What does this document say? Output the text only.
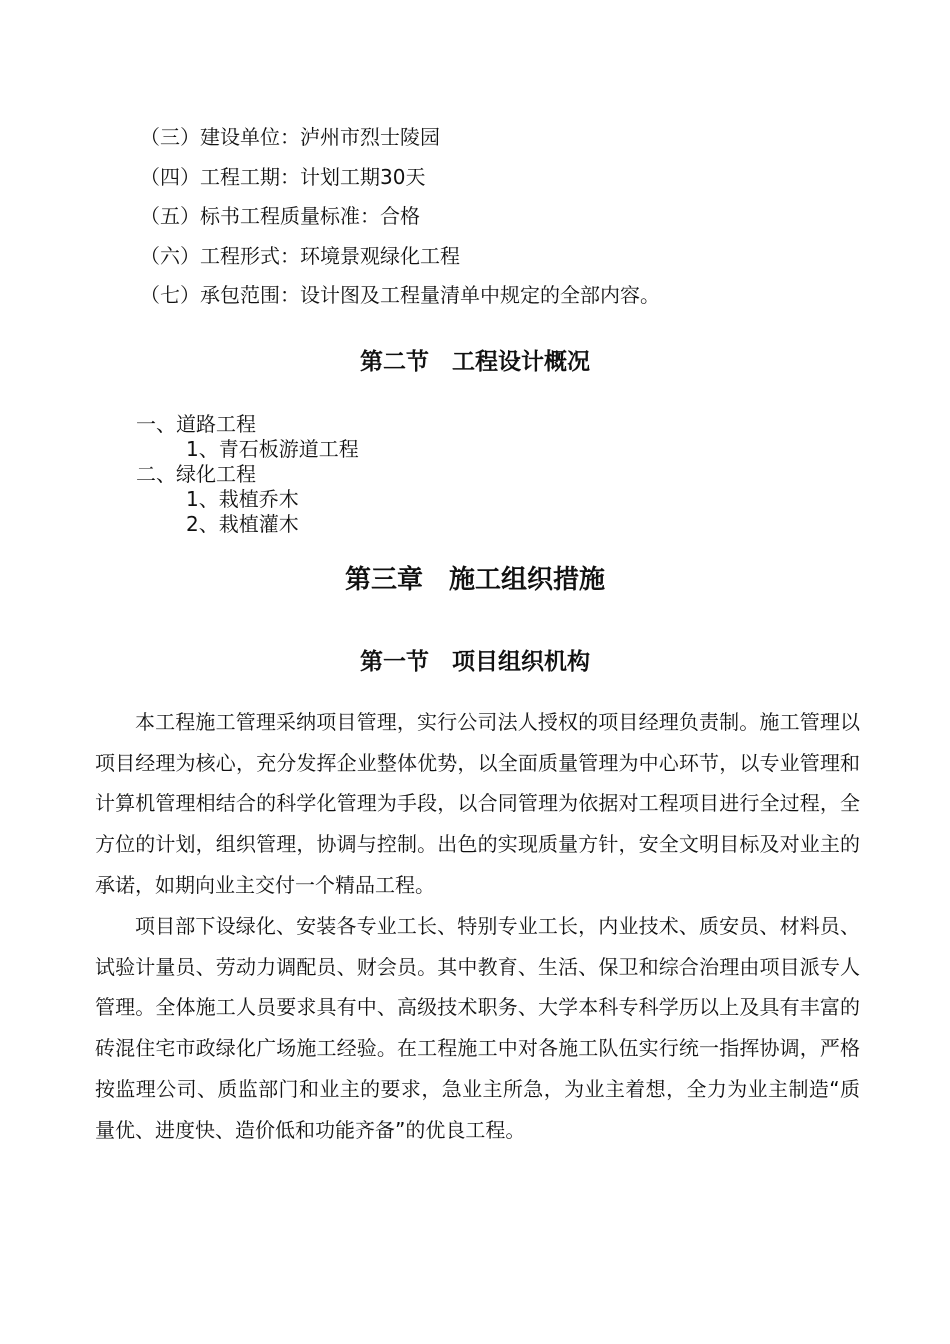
（三）建设单位：泸州市烈士陵园
（四）工程工期：计划工期30天
（五）标书工程质量标准：合格
（六）工程形式：环境景观绿化工程
（七）承包范围：设计图及工程量清单中规定的全部内容。
第二节　工程设计概况
一、道路工程
1、青石板游道工程
二、绿化工程
1、栽植乔木
2、栽植灌木
第三章　施工组织措施
第一节　项目组织机构

本工程施工管理采纳项目管理，实行公司法人授权的项目经理负责制。施工管理以项目经理为核心，充分发挥企业整体优势，以全面质量管理为中心环节，以专业管理和计算机管理相结合的科学化管理为手段，以合同管理为依据对工程项目进行全过程，全方位的计划，组织管理，协调与控制。出色的实现质量方针，安全文明目标及对业主的承诺，如期向业主交付一个精品工程。

项目部下设绿化、安装各专业工长、特别专业工长，内业技术、质安员、材料员、试验计量员、劳动力调配员、财会员。其中教育、生活、保卫和综合治理由项目派专人管理。全体施工人员要求具有中、高级技术职务、大学本科专科学历以上及具有丰富的砖混住宅市政绿化广场施工经验。在工程施工中对各施工队伍实行统一指挥协调，严格按监理公司、质监部门和业主的要求，急业主所急，为业主着想，全力为业主制造“质量优、进度快、造价低和功能齐备”的优良工程。
